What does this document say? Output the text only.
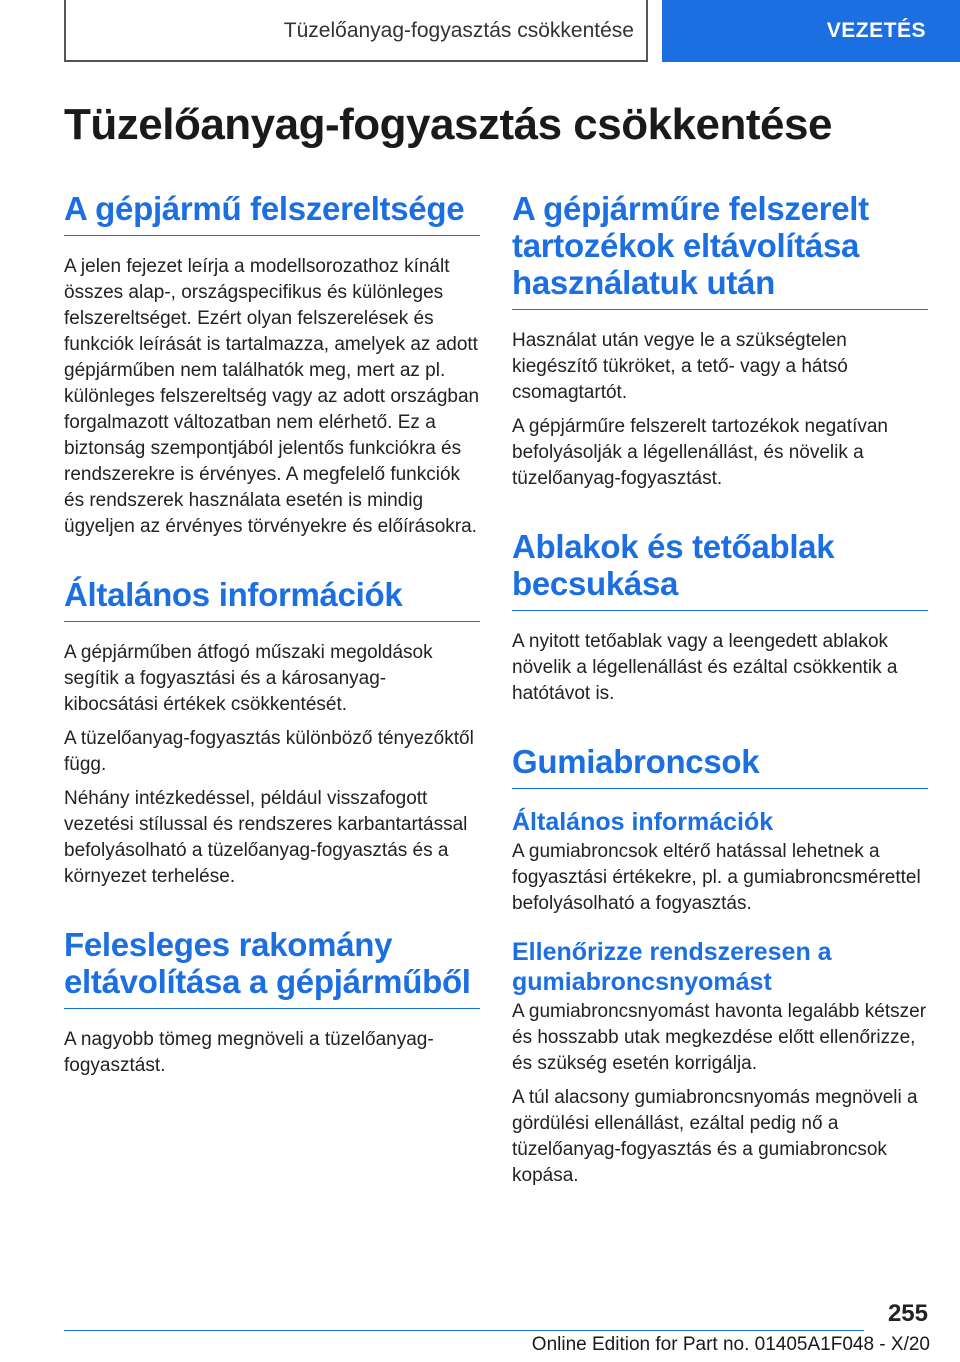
Tüzelőanyag-fogyasztás csökkentése	VEZETÉS
Tüzelőanyag-fogyasztás csökkentése
A gépjármű felszereltsége

A jelen fejezet leírja a modellsorozathoz kínált összes alap-, országspecifikus és különleges felszereltséget. Ezért olyan felszerelések és funkciók leírását is tartalmazza, amelyek az adott gépjárműben nem találhatók meg, mert az pl. különleges felszereltség vagy az adott országban forgalmazott változatban nem elérhető. Ez a biztonság szempontjából jelentős funkciókra és rendszerekre is érvényes. A megfelelő funkciók és rendszerek használata esetén is mindig ügyeljen az érvényes törvényekre és előírásokra.

Általános információk

A gépjárműben átfogó műszaki megoldások segítik a fogyasztási és a károsanyag-kibocsátási értékek csökkentését.

A tüzelőanyag-fogyasztás különböző tényezőktől függ.

Néhány intézkedéssel, például visszafogott vezetési stílussal és rendszeres karbantartással befolyásolható a tüzelőanyag-fogyasztás és a környezet terhelése.

Felesleges rakomány eltávolítása a gépjárműből

A nagyobb tömeg megnöveli a tüzelőanyag-fogyasztást.

A gépjárműre felszerelt tartozékok eltávolítása használatuk után

Használat után vegye le a szükségtelen kiegészítő tükröket, a tető- vagy a hátsó csomagtartót.

A gépjárműre felszerelt tartozékok negatívan befolyásolják a légellenállást, és növelik a tüzelőanyag-fogyasztást.

Ablakok és tetőablak becsukása

A nyitott tetőablak vagy a leengedett ablakok növelik a légellenállást és ezáltal csökkentik a hatótávot is.

Gumiabroncsok
Általános információk

A gumiabroncsok eltérő hatással lehetnek a fogyasztási értékekre, pl. a gumiabroncsmérettel befolyásolható a fogyasztás.

Ellenőrizze rendszeresen a gumiabroncsnyomást

A gumiabroncsnyomást havonta legalább kétszer és hosszabb utak megkezdése előtt ellenőrizze, és szükség esetén korrigálja.

A túl alacsony gumiabroncsnyomás megnöveli a gördülési ellenállást, ezáltal pedig nő a tüzelőanyag-fogyasztás és a gumiabroncsok kopása.

255
Online Edition for Part no. 01405A1F048 - X/20
